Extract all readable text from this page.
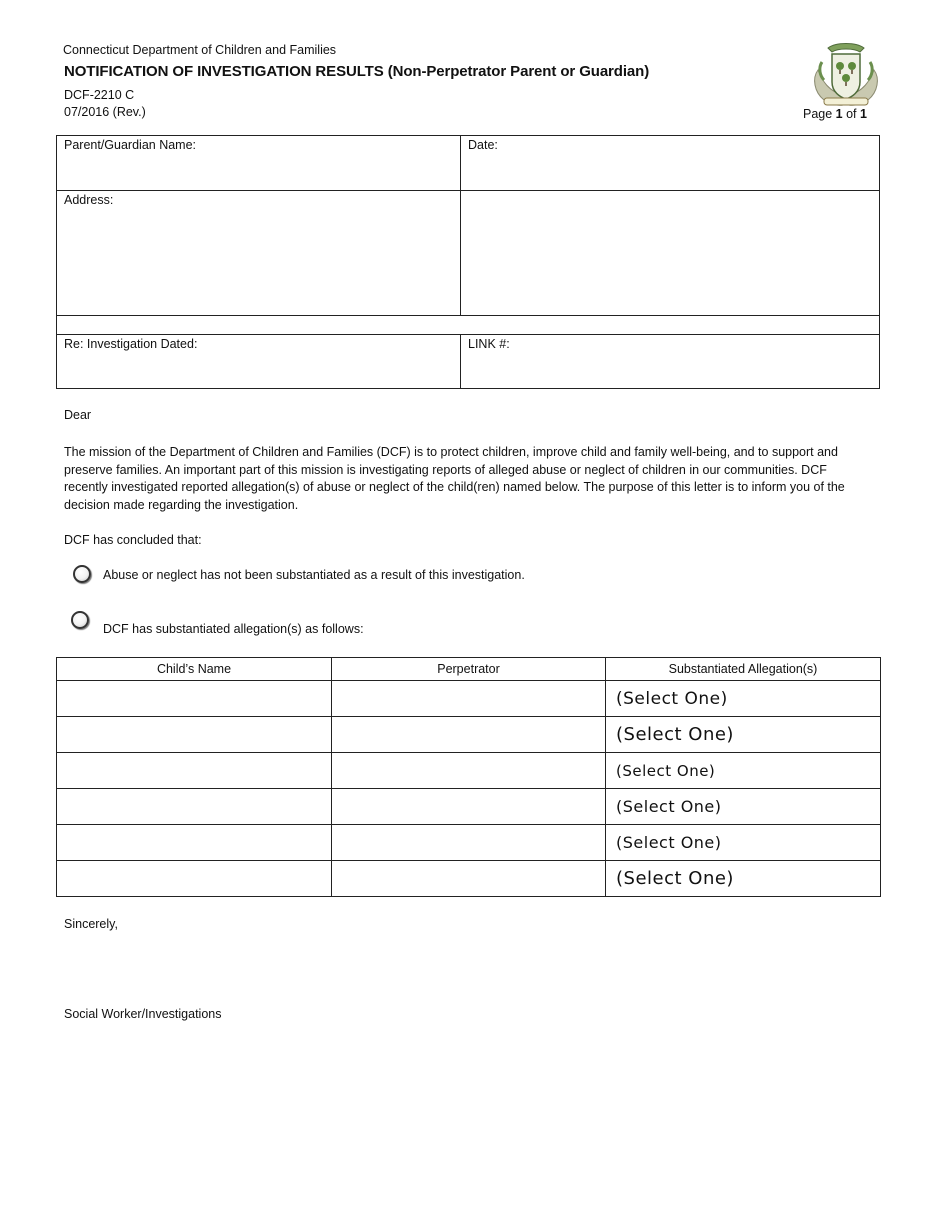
Connecticut Department of Children and Families
NOTIFICATION OF INVESTIGATION RESULTS (Non-Perpetrator Parent or Guardian)
DCF-2210 C
07/2016 (Rev.)	Page 1 of 1
Parent/Guardian Name:	Date:
Address:
Re: Investigation Dated:	LINK #:
Dear
The mission of the Department of Children and Families (DCF) is to protect children, improve child and family well-being, and to support and preserve families. An important part of this mission is investigating reports of alleged abuse or neglect of children in our communities. DCF recently investigated reported allegation(s) of abuse or neglect of the child(ren) named below. The purpose of this letter is to inform you of the decision made regarding the investigation.
DCF has concluded that:
Abuse or neglect has not been substantiated as a result of this investigation.
DCF has substantiated allegation(s) as follows:
Child’s Name	Perpetrator	Substantiated Allegation(s)
		(Select One)
		(Select One)
		(Select One)
		(Select One)
		(Select One)
		(Select One)
Sincerely,
Social Worker/Investigations
